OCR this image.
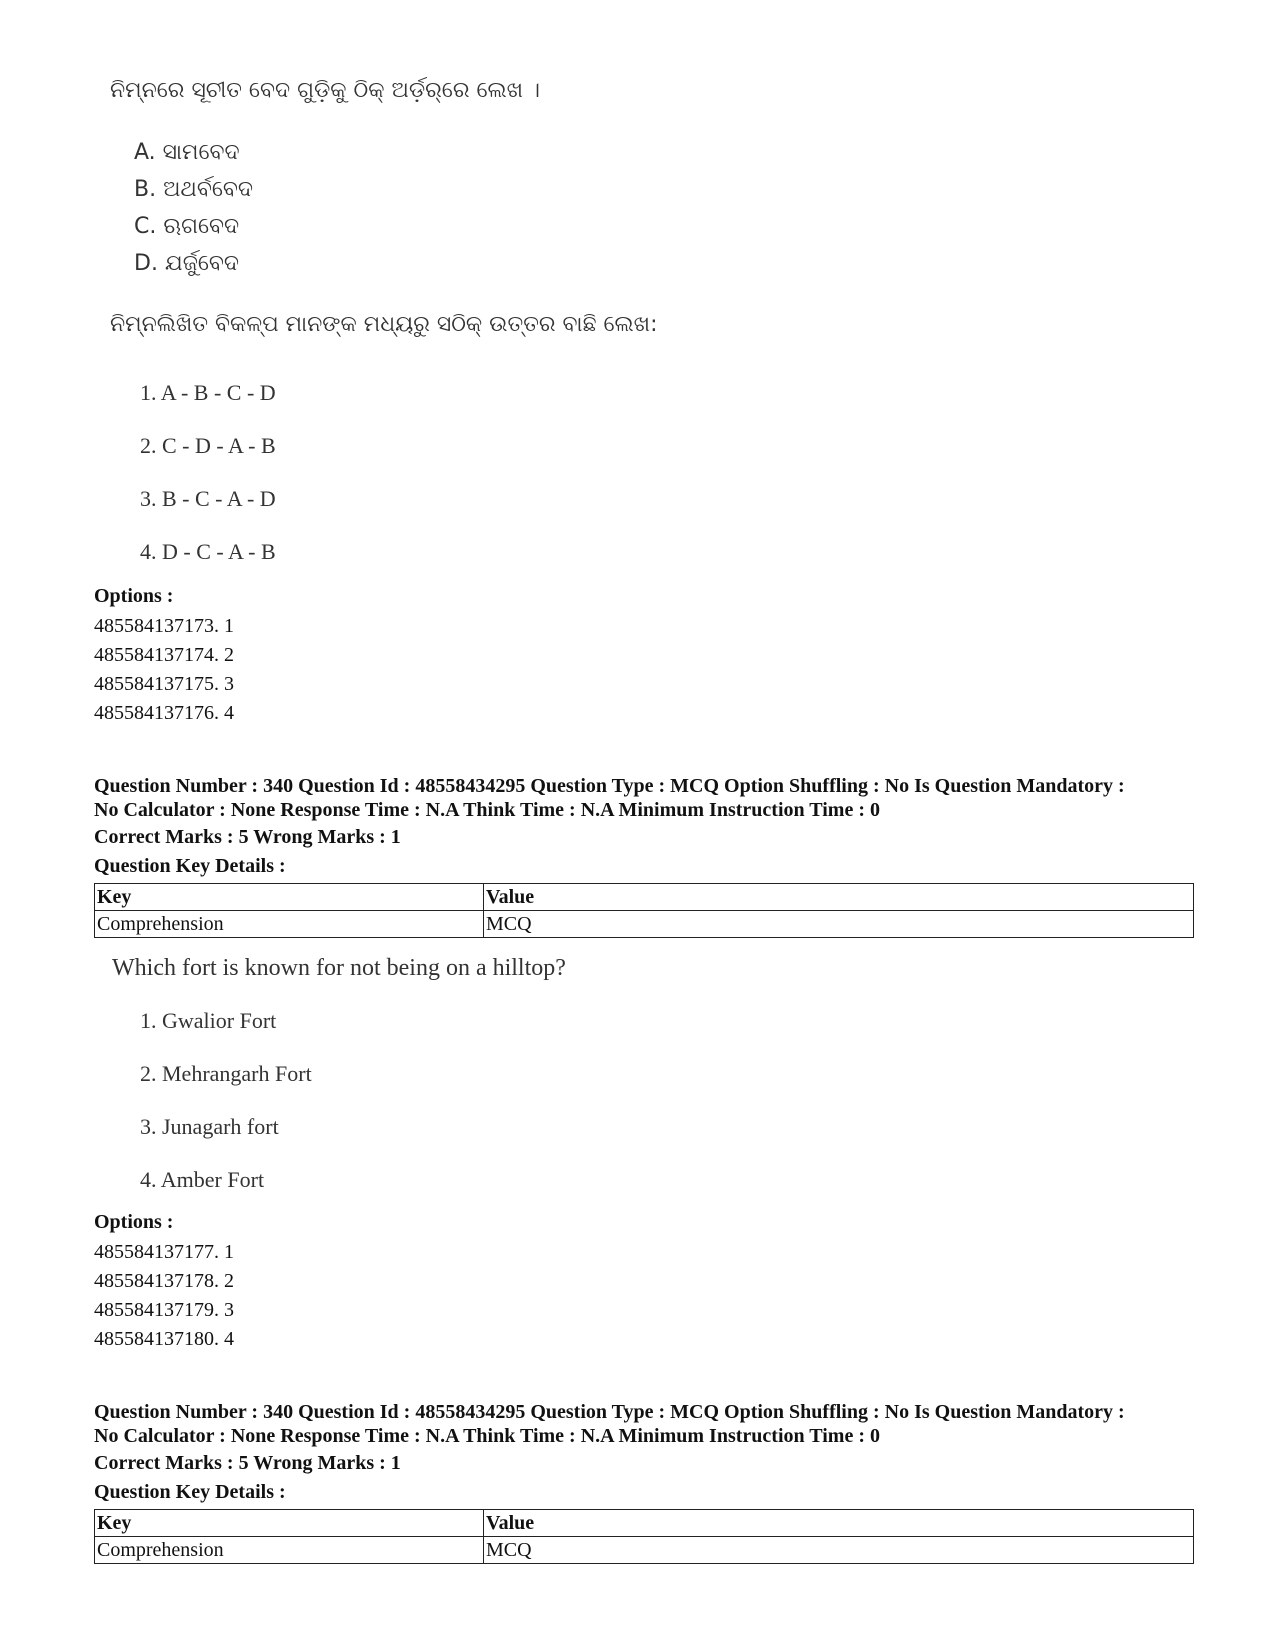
ନିମ୍ନରେ ସୂଚୀତ ବେଦ ଗୁଡ଼ିକୁ ଠିକ୍ ଅର୍ଡ଼ର୍‌ରେ ଲେଖ ।
A. ସାମବେଦ
B. ଅଥର୍ବବେଦ
C. ଋଗବେଦ
D. ଯର୍ଜୁବେଦ
ନିମ୍ନଲିଖିତ ବିକଳ୍ପ ମାନଙ୍କ ମଧ୍ୟରୁ ସଠିକ୍ ଉତ୍ତର ବାଛି ଲେଖ:
1. A - B - C - D
2. C - D - A - B
3. B - C - A - D
4. D - C - A - B
Options :
485584137173. 1
485584137174. 2
485584137175. 3
485584137176. 4
Question Number : 340 Question Id : 48558434295 Question Type : MCQ Option Shuffling : No Is Question Mandatory :
No Calculator : None Response Time : N.A Think Time : N.A Minimum Instruction Time : 0
Correct Marks : 5 Wrong Marks : 1
Question Key Details :
Key	Value
Comprehension	MCQ
Which fort is known for not being on a hilltop?
1. Gwalior Fort
2. Mehrangarh Fort
3. Junagarh fort
4. Amber Fort
Options :
485584137177. 1
485584137178. 2
485584137179. 3
485584137180. 4
Question Number : 340 Question Id : 48558434295 Question Type : MCQ Option Shuffling : No Is Question Mandatory :
No Calculator : None Response Time : N.A Think Time : N.A Minimum Instruction Time : 0
Correct Marks : 5 Wrong Marks : 1
Question Key Details :
Key	Value
Comprehension	MCQ
